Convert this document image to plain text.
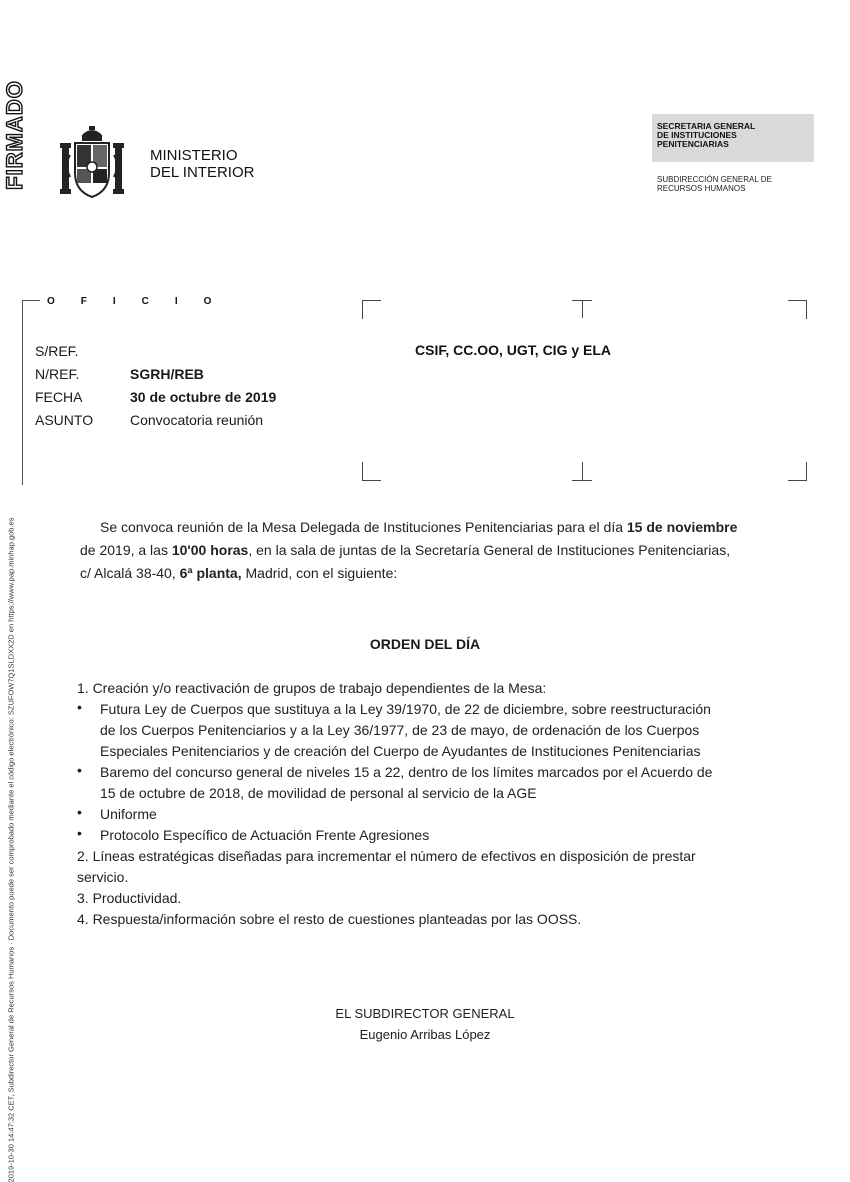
FIRMADO
2019-10-30 14:47:32 CET, Subdirector General de Recursos Humanos · Documento puede ser comprobado mediante el código electrónico: SZUFOW7Q1SLDXX2D en https://www.pap.minhap.gob.es
MINISTERIO
DEL INTERIOR
SECRETARIA GENERAL
DE INSTITUCIONES
PENITENCIARIAS
SUBDIRECCIÓN GENERAL DE
RECURSOS HUMANOS
OFICIO
S/REF.
N/REF.	SGRH/REB
FECHA	30 de octubre de 2019
ASUNTO	Convocatoria reunión
CSIF, CC.OO, UGT, CIG y ELA
Se convoca reunión de la Mesa Delegada de Instituciones Penitenciarias para el día 15 de noviembre
de 2019, a las 10'00 horas, en la sala de juntas de la Secretaría General de Instituciones Penitenciarias,
c/ Alcalá 38-40, 6ª planta, Madrid, con el siguiente:
ORDEN DEL DÍA
1. Creación y/o reactivación de grupos de trabajo dependientes de la Mesa:
• Futura Ley de Cuerpos que sustituya a la Ley 39/1970, de 22 de diciembre, sobre reestructuración
de los Cuerpos Penitenciarios y a la Ley 36/1977, de 23 de mayo, de ordenación de los Cuerpos
Especiales Penitenciarios y de creación del Cuerpo de Ayudantes de Instituciones Penitenciarias
• Baremo del concurso general de niveles 15 a 22, dentro de los límites marcados por el Acuerdo de
15 de octubre de 2018, de movilidad de personal al servicio de la AGE
• Uniforme
• Protocolo Específico de Actuación Frente Agresiones
2. Líneas estratégicas diseñadas para incrementar el número de efectivos en disposición de prestar
servicio.
3. Productividad.
4. Respuesta/información sobre el resto de cuestiones planteadas por las OOSS.
EL SUBDIRECTOR GENERAL
Eugenio Arribas López
